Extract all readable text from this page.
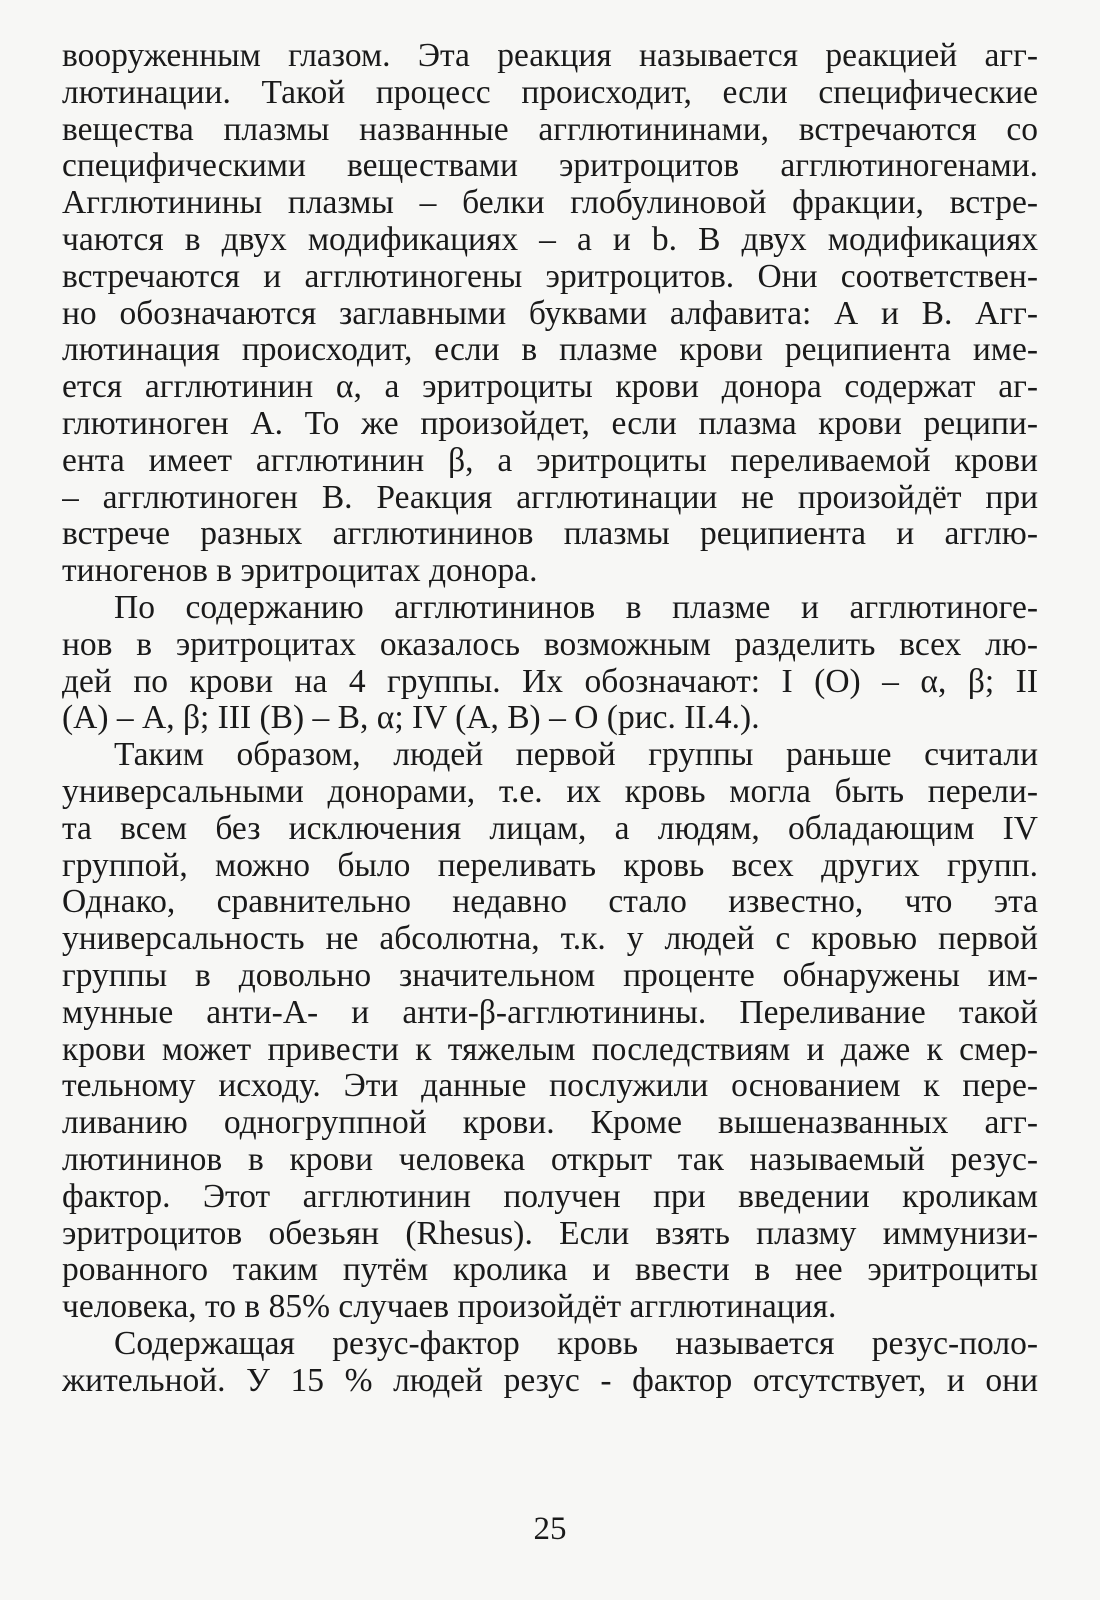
вооруженным глазом. Эта реакция называется реакцией агг-
лютинации. Такой процесс происходит, если специфические
вещества плазмы названные агглютининами, встречаются со
специфическими веществами эритроцитов агглютиногенами.
Агглютинины плазмы – белки глобулиновой фракции, встре-
чаются в двух модификациях – a и b. В двух модификациях
встречаются и агглютиногены эритроцитов. Они соответствен-
но обозначаются заглавными буквами алфавита: А и В. Агг-
лютинация происходит, если в плазме крови реципиента име-
ется агглютинин α, а эритроциты крови донора содержат аг-
глютиноген А. То же произойдет, если плазма крови реципи-
ента имеет агглютинин β, а эритроциты переливаемой крови
– агглютиноген В. Реакция агглютинации не произойдёт при
встрече разных агглютининов плазмы реципиента и агглю-
тиногенов в эритроцитах донора.
По содержанию агглютининов в плазме и агглютиноге-
нов в эритроцитах оказалось возможным разделить всех лю-
дей по крови на 4 группы. Их обозначают: I (О) – α, β; II
(А) – А, β; III (В) – В, α; IV (А, В) – О (рис. II.4.).
Таким образом, людей первой группы раньше считали
универсальными донорами, т.е. их кровь могла быть перели-
та всем без исключения лицам, а людям, обладающим IV
группой, можно было переливать кровь всех других групп.
Однако, сравнительно недавно стало известно, что эта
универсальность не абсолютна, т.к. у людей с кровью первой
группы в довольно значительном проценте обнаружены им-
мунные анти-А- и анти-β-агглютинины. Переливание такой
крови может привести к тяжелым последствиям и даже к смер-
тельному исходу. Эти данные послужили основанием к пере-
ливанию одногруппной крови. Кроме вышеназванных агг-
лютининов в крови человека открыт так называемый резус-
фактор. Этот агглютинин получен при введении кроликам
эритроцитов обезьян (Rhesus). Если взять плазму иммунизи-
рованного таким путём кролика и ввести в нее эритроциты
человека, то в 85% случаев произойдёт агглютинация.
Содержащая резус-фактор кровь называется резус-поло-
жительной. У 15 % людей резус - фактор отсутствует, и они
25
